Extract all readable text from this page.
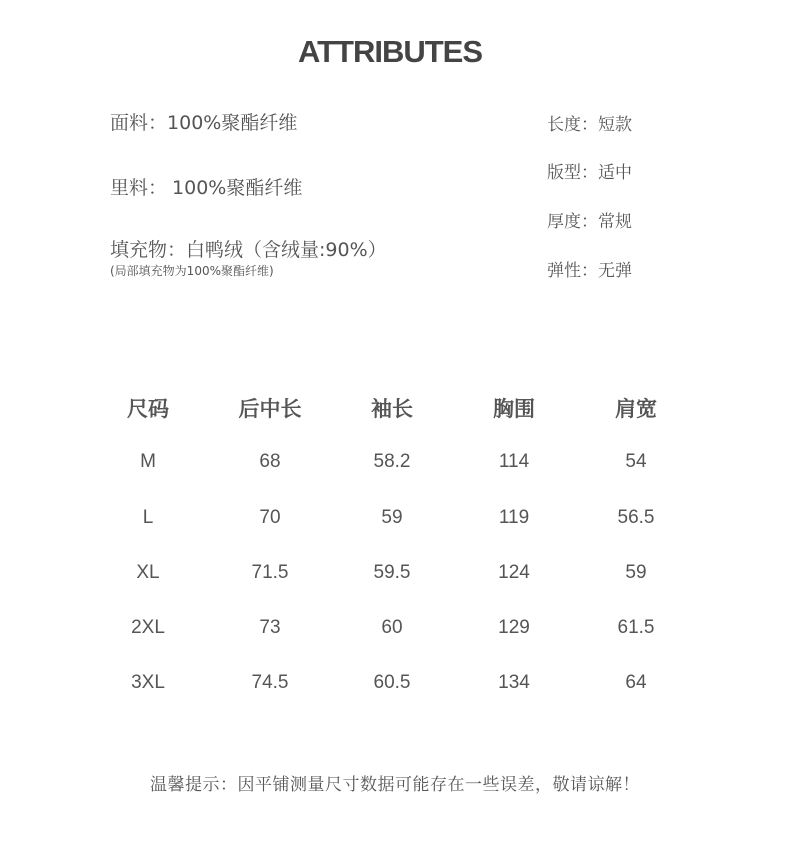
ATTRIBUTES
面料：100%聚酯纤维
里料： 100%聚酯纤维
填充物：白鸭绒（含绒量:90%）
(局部填充物为100%聚酯纤维)
长度：短款
版型：适中
厚度：常规
弹性：无弹
尺码	后中长	袖长	胸围	肩宽
M	68	58.2	114	54
L	70	59	119	56.5
XL	71.5	59.5	124	59
2XL	73	60	129	61.5
3XL	74.5	60.5	134	64
温馨提示：因平铺测量尺寸数据可能存在一些误差，敬请谅解！
